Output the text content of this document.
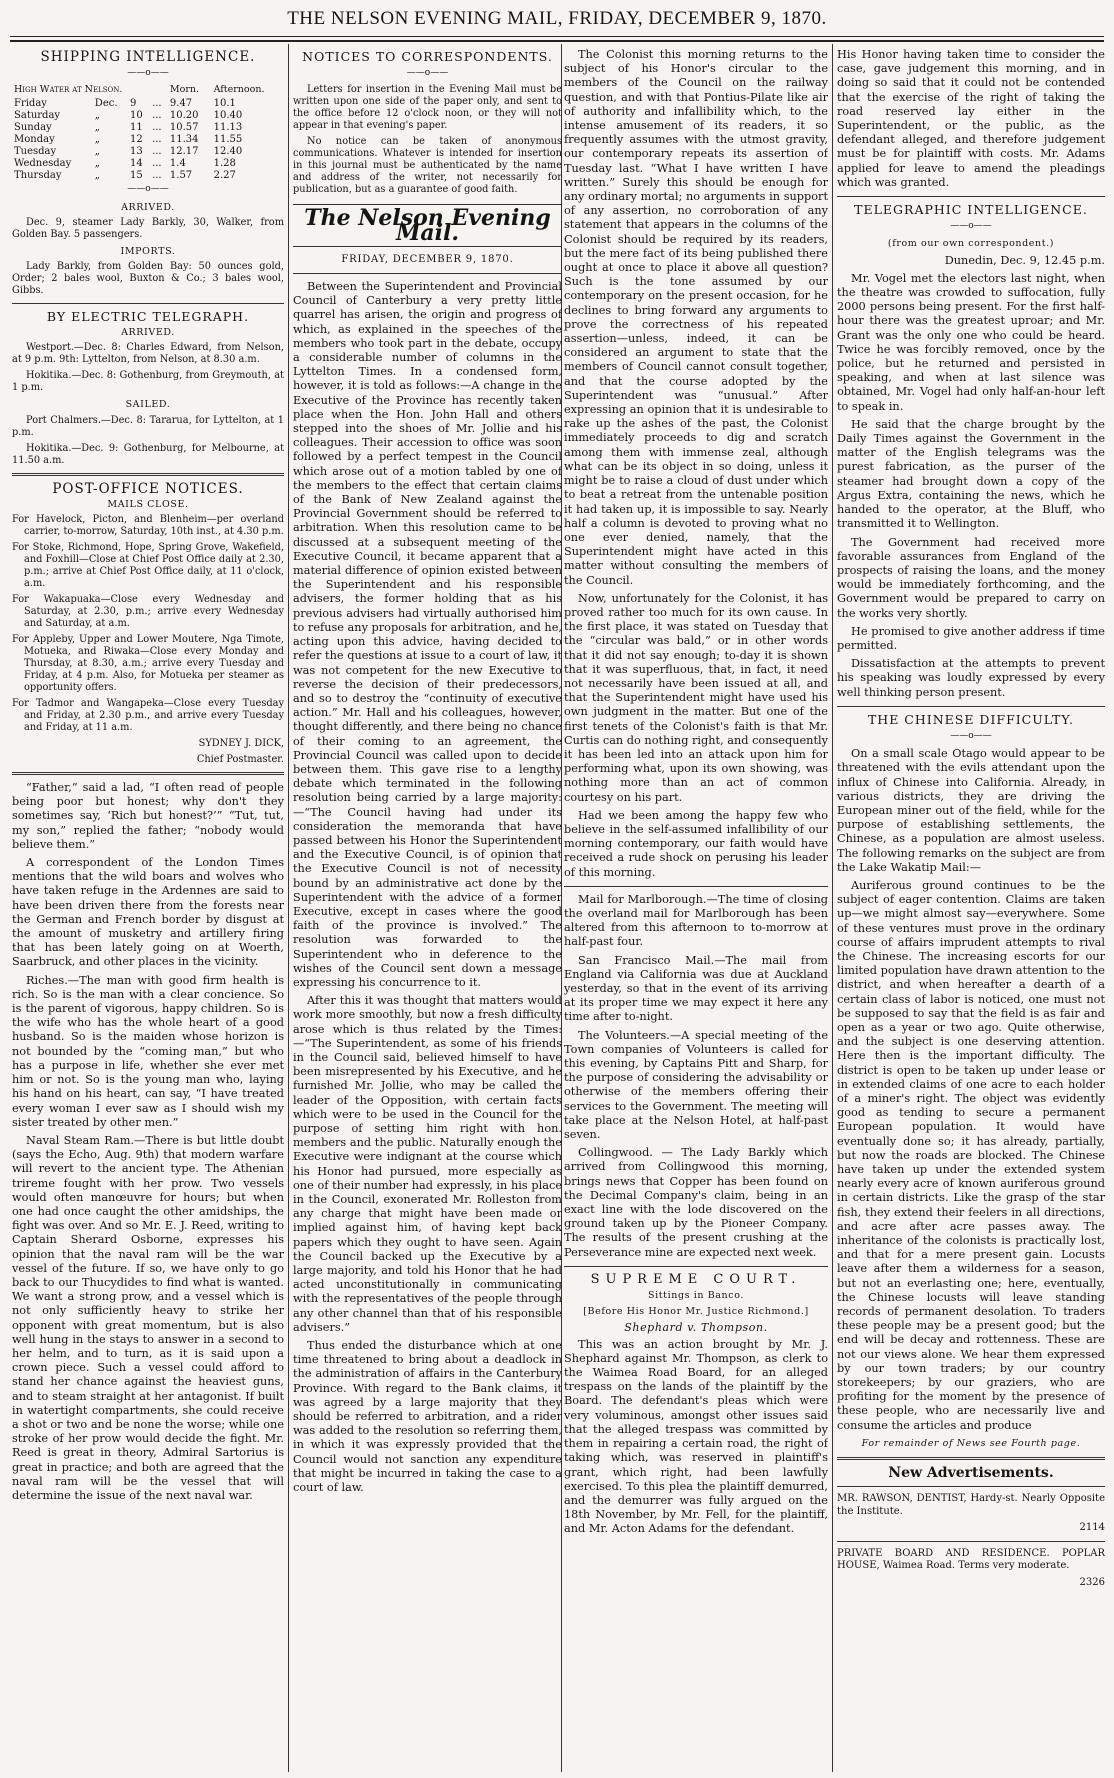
THE NELSON EVENING MAIL, FRIDAY, DECEMBER 9, 1870.
SHIPPING INTELLIGENCE.
——o——
High Water at Nelson.				Morn.	Afternoon.
Friday	Dec.	9	...	9.47	10.1
Saturday	„	10	...	10.20	10.40
Sunday	„	11	...	10.57	11.13
Monday	„	12	...	11.34	11.55
Tuesday	„	13	...	12.17	12.40
Wednesday	„	14	...	1.4	1.28
Thursday	„	15	...	1.57	2.27
——o——
ARRIVED.

Dec. 9, steamer Lady Barkly, 30, Walker, from Golden Bay. 5 passengers.

IMPORTS.

Lady Barkly, from Golden Bay: 50 ounces gold, Order; 2 bales wool, Buxton & Co.; 3 bales wool, Gibbs.

BY ELECTRIC TELEGRAPH.
ARRIVED.

Westport.—Dec. 8: Charles Edward, from Nelson, at 9 p.m. 9th: Lyttelton, from Nelson, at 8.30 a.m.

Hokitika.—Dec. 8: Gothenburg, from Greymouth, at 1 p.m.

SAILED.

Port Chalmers.—Dec. 8: Tararua, for Lyttelton, at 1 p.m.

Hokitika.—Dec. 9: Gothenburg, for Melbourne, at 11.50 a.m.

POST-OFFICE NOTICES.
MAILS CLOSE.

For Havelock, Picton, and Blenheim—per overland carrier, to-morrow, Saturday, 10th inst., at 4.30 p.m.

For Stoke, Richmond, Hope, Spring Grove, Wakefield, and Foxhill—Close at Chief Post Office daily at 2.30, p.m.; arrive at Chief Post Office daily, at 11 o'clock, a.m.

For Wakapuaka—Close every Wednesday and Saturday, at 2.30, p.m.; arrive every Wednesday and Saturday, at a.m.

For Appleby, Upper and Lower Moutere, Nga Timote, Motueka, and Riwaka—Close every Monday and Thursday, at 8.30, a.m.; arrive every Tuesday and Friday, at 4 p.m. Also, for Motueka per steamer as opportunity offers.

For Tadmor and Wangapeka—Close every Tuesday and Friday, at 2.30 p.m., and arrive every Tuesday and Friday, at 11 a.m.

SYDNEY J. DICK,

Chief Postmaster.

“Father,” said a lad, “I often read of people being poor but honest; why don't they sometimes say, ‘Rich but honest?’” “Tut, tut, my son,” replied the father; “nobody would believe them.”

A correspondent of the London Times mentions that the wild boars and wolves who have taken refuge in the Ardennes are said to have been driven there from the forests near the German and French border by disgust at the amount of musketry and artillery firing that has been lately going on at Woerth, Saarbruck, and other places in the vicinity.

Riches.—The man with good firm health is rich. So is the man with a clear concience. So is the parent of vigorous, happy children. So is the wife who has the whole heart of a good husband. So is the maiden whose horizon is not bounded by the “coming man,” but who has a purpose in life, whether she ever met him or not. So is the young man who, laying his hand on his heart, can say, “I have treated every woman I ever saw as I should wish my sister treated by other men.”

Naval Steam Ram.—There is but little doubt (says the Echo, Aug. 9th) that modern warfare will revert to the ancient type. The Athenian trireme fought with her prow. Two vessels would often manœuvre for hours; but when one had once caught the other amidships, the fight was over. And so Mr. E. J. Reed, writing to Captain Sherard Osborne, expresses his opinion that the naval ram will be the war vessel of the future. If so, we have only to go back to our Thucydides to find what is wanted. We want a strong prow, and a vessel which is not only sufficiently heavy to strike her opponent with great momentum, but is also well hung in the stays to answer in a second to her helm, and to turn, as it is said upon a crown piece. Such a vessel could afford to stand her chance against the heaviest guns, and to steam straight at her antagonist. If built in watertight compartments, she could receive a shot or two and be none the worse; while one stroke of her prow would decide the fight. Mr. Reed is great in theory, Admiral Sartorius is great in practice; and both are agreed that the naval ram will be the vessel that will determine the issue of the next naval war.

NOTICES TO CORRESPONDENTS.
——o——

Letters for insertion in the Evening Mail must be written upon one side of the paper only, and sent to the office before 12 o'clock noon, or they will not appear in that evening's paper.

No notice can be taken of anonymous communications. Whatever is intended for insertion in this journal must be authenticated by the name and address of the writer, not necessarily for publication, but as a guarantee of good faith.

The Nelson Evening Mail.
FRIDAY, DECEMBER 9, 1870.

Between the Superintendent and Provincial Council of Canterbury a very pretty little quarrel has arisen, the origin and progress of which, as explained in the speeches of the members who took part in the debate, occupy a considerable number of columns in the Lyttelton Times. In a condensed form, however, it is told as follows:—A change in the Executive of the Province has recently taken place when the Hon. John Hall and others stepped into the shoes of Mr. Jollie and his colleagues. Their accession to office was soon followed by a perfect tempest in the Council which arose out of a motion tabled by one of the members to the effect that certain claims of the Bank of New Zealand against the Provincial Government should be referred to arbitration. When this resolution came to be discussed at a subsequent meeting of the Executive Council, it became apparent that a material difference of opinion existed between the Superintendent and his responsible advisers, the former holding that as his previous advisers had virtually authorised him to refuse any proposals for arbitration, and he, acting upon this advice, having decided to refer the questions at issue to a court of law, it was not competent for the new Executive to reverse the decision of their predecessors, and so to destroy the “continuity of executive action.” Mr. Hall and his colleagues, however, thought differently, and there being no chance of their coming to an agreement, the Provincial Council was called upon to decide between them. This gave rise to a lengthy debate which terminated in the following resolution being carried by a large majority:—“The Council having had under its consideration the memoranda that have passed between his Honor the Superintendent and the Executive Council, is of opinion that the Executive Council is not of necessity bound by an administrative act done by the Superintendent with the advice of a former Executive, except in cases where the good faith of the province is involved.” The resolution was forwarded to the Superintendent who in deference to the wishes of the Council sent down a message expressing his concurrence to it.

After this it was thought that matters would work more smoothly, but now a fresh difficulty arose which is thus related by the Times:—“The Superintendent, as some of his friends in the Council said, believed himself to have been misrepresented by his Executive, and he furnished Mr. Jollie, who may be called the leader of the Opposition, with certain facts which were to be used in the Council for the purpose of setting him right with hon. members and the public. Naturally enough the Executive were indignant at the course which his Honor had pursued, more especially as one of their number had expressly, in his place in the Council, exonerated Mr. Rolleston from any charge that might have been made or implied against him, of having kept back papers which they ought to have seen. Again the Council backed up the Executive by a large majority, and told his Honor that he had acted unconstitutionally in communicating with the representatives of the people through any other channel than that of his responsible advisers.”

Thus ended the disturbance which at one time threatened to bring about a deadlock in the administration of affairs in the Canterbury Province. With regard to the Bank claims, it was agreed by a large majority that they should be referred to arbitration, and a rider was added to the resolution so referring them, in which it was expressly provided that the Council would not sanction any expenditure that might be incurred in taking the case to a court of law.

The Colonist this morning returns to the subject of his Honor's circular to the members of the Council on the railway question, and with that Pontius-Pilate like air of authority and infallibility which, to the intense amusement of its readers, it so frequently assumes with the utmost gravity, our contemporary repeats its assertion of Tuesday last. “What I have written I have written.” Surely this should be enough for any ordinary mortal; no arguments in support of any assertion, no corroboration of any statement that appears in the columns of the Colonist should be required by its readers, but the mere fact of its being published there ought at once to place it above all question? Such is the tone assumed by our contemporary on the present occasion, for he declines to bring forward any arguments to prove the correctness of his repeated assertion—unless, indeed, it can be considered an argument to state that the members of Council cannot consult together, and that the course adopted by the Superintendent was “unusual.” After expressing an opinion that it is undesirable to rake up the ashes of the past, the Colonist immediately proceeds to dig and scratch among them with immense zeal, although what can be its object in so doing, unless it might be to raise a cloud of dust under which to beat a retreat from the untenable position it had taken up, it is impossible to say. Nearly half a column is devoted to proving what no one ever denied, namely, that the Superintendent might have acted in this matter without consulting the members of the Council.

Now, unfortunately for the Colonist, it has proved rather too much for its own cause. In the first place, it was stated on Tuesday that the “circular was bald,” or in other words that it did not say enough; to-day it is shown that it was superfluous, that, in fact, it need not necessarily have been issued at all, and that the Superintendent might have used his own judgment in the matter. But one of the first tenets of the Colonist's faith is that Mr. Curtis can do nothing right, and consequently it has been led into an attack upon him for performing what, upon its own showing, was nothing more than an act of common courtesy on his part.

Had we been among the happy few who believe in the self-assumed infallibility of our morning contemporary, our faith would have received a rude shock on perusing his leader of this morning.

Mail for Marlborough.—The time of closing the overland mail for Marlborough has been altered from this afternoon to to-morrow at half-past four.

San Francisco Mail.—The mail from England via California was due at Auckland yesterday, so that in the event of its arriving at its proper time we may expect it here any time after to-night.

The Volunteers.—A special meeting of the Town companies of Volunteers is called for this evening, by Captains Pitt and Sharp, for the purpose of considering the advisability or otherwise of the members offering their services to the Government. The meeting will take place at the Nelson Hotel, at half-past seven.

Collingwood. — The Lady Barkly which arrived from Collingwood this morning, brings news that Copper has been found on the Decimal Company's claim, being in an exact line with the lode discovered on the ground taken up by the Pioneer Company. The results of the present crushing at the Perseverance mine are expected next week.

SUPREME COURT.
Sittings in Banco.
[Before His Honor Mr. Justice Richmond.]
Shephard v. Thompson.

This was an action brought by Mr. J. Shephard against Mr. Thompson, as clerk to the Waimea Road Board, for an alleged trespass on the lands of the plaintiff by the Board. The defendant's pleas which were very voluminous, amongst other issues said that the alleged trespass was committed by them in repairing a certain road, the right of taking which, was reserved in plaintiff's grant, which right, had been lawfully exercised. To this plea the plaintiff demurred, and the demurrer was fully argued on the 18th November, by Mr. Fell, for the plaintiff, and Mr. Acton Adams for the defendant.

His Honor having taken time to consider the case, gave judgement this morning, and in doing so said that it could not be contended that the exercise of the right of taking the road reserved lay either in the Superintendent, or the public, as the defendant alleged, and therefore judgement must be for plaintiff with costs. Mr. Adams applied for leave to amend the pleadings which was granted.

TELEGRAPHIC INTELLIGENCE.
——o——
(from our own correspondent.)

Dunedin, Dec. 9, 12.45 p.m.

Mr. Vogel met the electors last night, when the theatre was crowded to suffocation, fully 2000 persons being present. For the first half-hour there was the greatest uproar; and Mr. Grant was the only one who could be heard. Twice he was forcibly removed, once by the police, but he returned and persisted in speaking, and when at last silence was obtained, Mr. Vogel had only half-an-hour left to speak in.

He said that the charge brought by the Daily Times against the Government in the matter of the English telegrams was the purest fabrication, as the purser of the steamer had brought down a copy of the Argus Extra, containing the news, which he handed to the operator, at the Bluff, who transmitted it to Wellington.

The Government had received more favorable assurances from England of the prospects of raising the loans, and the money would be immediately forthcoming, and the Government would be prepared to carry on the works very shortly.

He promised to give another address if time permitted.

Dissatisfaction at the attempts to prevent his speaking was loudly expressed by every well thinking person present.

THE CHINESE DIFFICULTY.
——o——

On a small scale Otago would appear to be threatened with the evils attendant upon the influx of Chinese into California. Already, in various districts, they are driving the European miner out of the field, while for the purpose of establishing settlements, the Chinese, as a population are almost useless. The following remarks on the subject are from the Lake Wakatip Mail:—

Auriferous ground continues to be the subject of eager contention. Claims are taken up—we might almost say—everywhere. Some of these ventures must prove in the ordinary course of affairs imprudent attempts to rival the Chinese. The increasing escorts for our limited population have drawn attention to the district, and when hereafter a dearth of a certain class of labor is noticed, one must not be supposed to say that the field is as fair and open as a year or two ago. Quite otherwise, and the subject is one deserving attention. Here then is the important difficulty. The district is open to be taken up under lease or in extended claims of one acre to each holder of a miner's right. The object was evidently good as tending to secure a permanent European population. It would have eventually done so; it has already, partially, but now the roads are blocked. The Chinese have taken up under the extended system nearly every acre of known auriferous ground in certain districts. Like the grasp of the star fish, they extend their feelers in all directions, and acre after acre passes away. The inheritance of the colonists is practically lost, and that for a mere present gain. Locusts leave after them a wilderness for a season, but not an everlasting one; here, eventually, the Chinese locusts will leave standing records of permanent desolation. To traders these people may be a present good; but the end will be decay and rottenness. These are not our views alone. We hear them expressed by our town traders; by our country storekeepers; by our graziers, who are profiting for the moment by the presence of these people, who are necessarily live and consume the articles and produce

For remainder of News see Fourth page.
New Advertisements.

MR. RAWSON, DENTIST, Hardy-st. Nearly Opposite the Institute.

2114

PRIVATE BOARD AND RESIDENCE. POPLAR HOUSE, Waimea Road. Terms very moderate.

2326
